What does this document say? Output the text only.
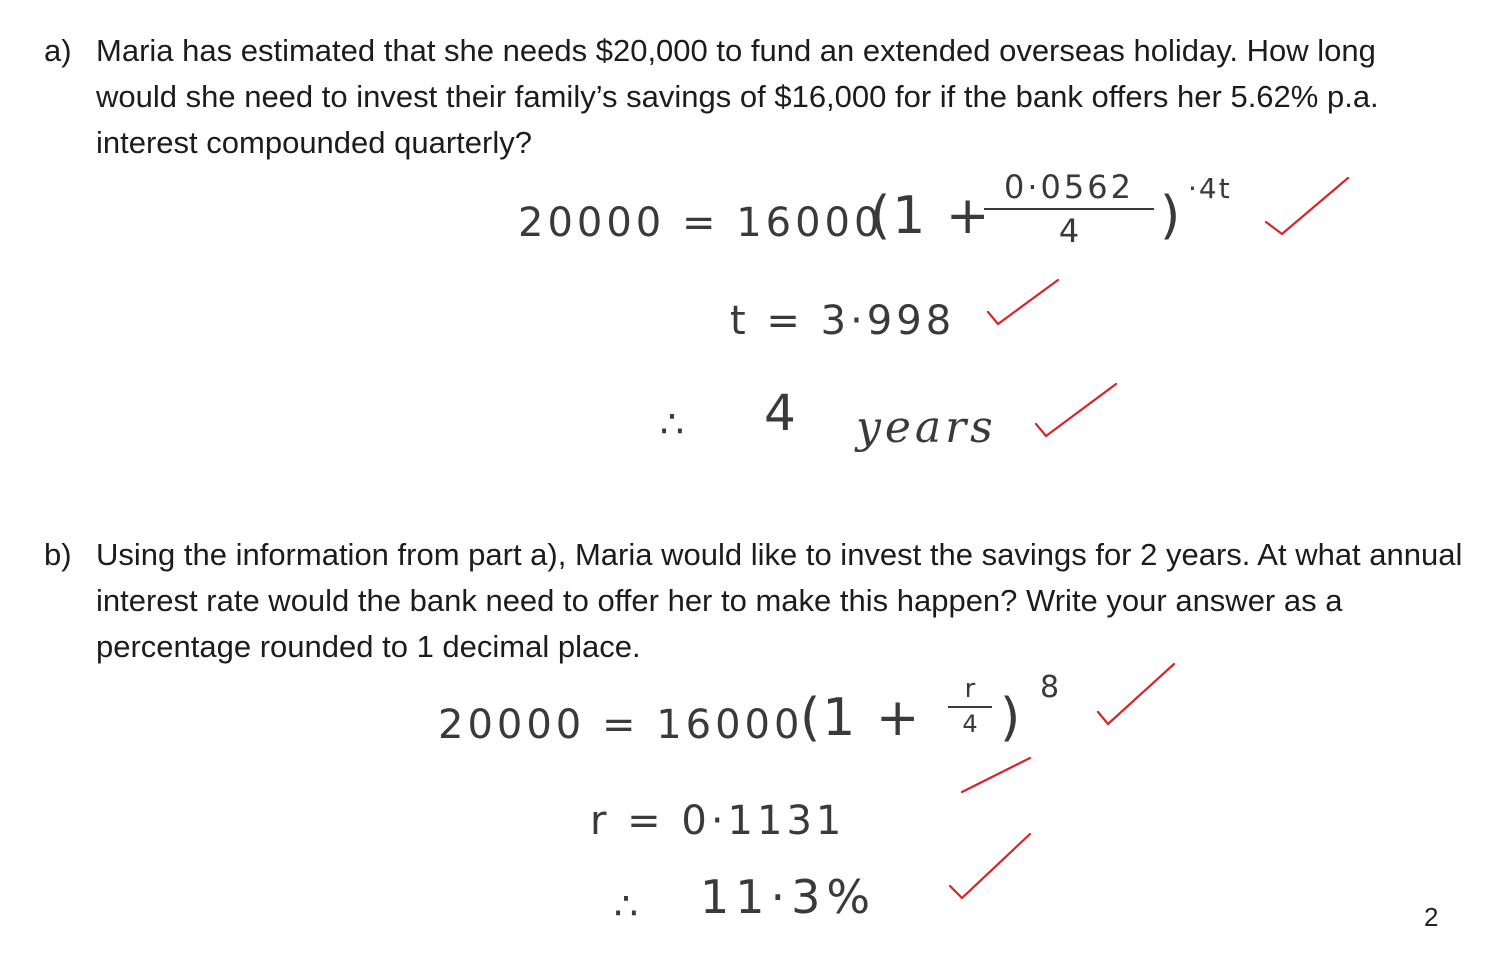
a) Maria has estimated that she needs $20,000 to fund an extended overseas holiday. How long would she need to invest their family’s savings of $16,000 for if the bank offers her 5.62% p.a. interest compounded quarterly?
20000 = 16000
(1 + 0·0562
4	) ·4t
t = 3·998
∴ 4 years
b) Using the information from part a), Maria would like to invest the savings for 2 years. At what annual interest rate would the bank need to offer her to make this happen? Write your answer as a percentage rounded to 1 decimal place.
20000 = 16000
(1 +	r
4 )
8
r = 0·1131
∴ 11·3%	2
